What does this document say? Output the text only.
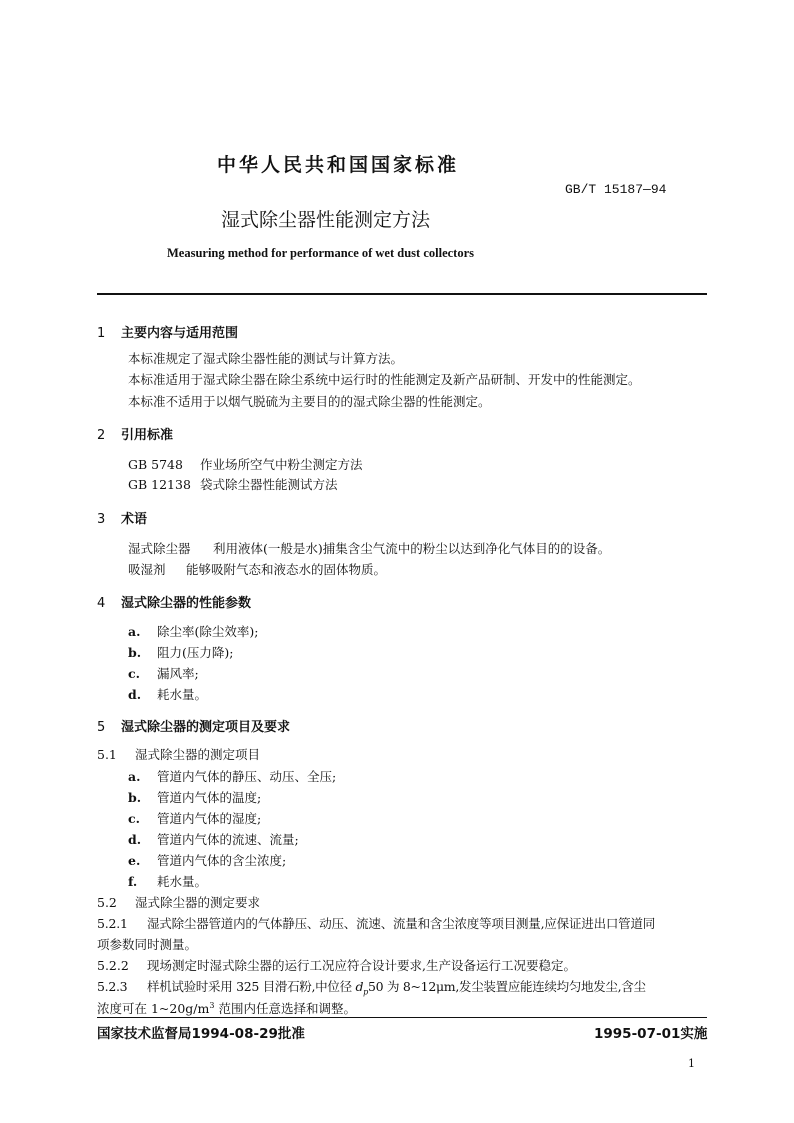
中华人民共和国国家标准
GB/T 15187—94
湿式除尘器性能测定方法
Measuring method for performance of wet dust collectors
1 主要内容与适用范围
本标准规定了湿式除尘器性能的测试与计算方法。
本标准适用于湿式除尘器在除尘系统中运行时的性能测定及新产品研制、开发中的性能测定。
本标准不适用于以烟气脱硫为主要目的的湿式除尘器的性能测定。
2 引用标准
GB 5748 作业场所空气中粉尘测定方法
GB 12138 袋式除尘器性能测试方法
3 术语
湿式除尘器 利用液体(一般是水)捕集含尘气流中的粉尘以达到净化气体目的的设备。
吸湿剂 能够吸附气态和液态水的固体物质。
4 湿式除尘器的性能参数
a. 除尘率(除尘效率);
b. 阻力(压力降);
c. 漏风率;
d. 耗水量。
5 湿式除尘器的测定项目及要求
5.1 湿式除尘器的测定项目
a. 管道内气体的静压、动压、全压;
b. 管道内气体的温度;
c. 管道内气体的湿度;
d. 管道内气体的流速、流量;
e. 管道内气体的含尘浓度;
f. 耗水量。
5.2 湿式除尘器的测定要求
5.2.1 湿式除尘器管道内的气体静压、动压、流速、流量和含尘浓度等项目测量,应保证进出口管道同
项参数同时测量。
5.2.2 现场测定时湿式除尘器的运行工况应符合设计要求,生产设备运行工况要稳定。
5.2.3 样机试验时采用 325 目滑石粉,中位径 $d_p50$ 为 8~12μm,发尘装置应能连续均匀地发尘,含尘
浓度可在 $1\sim 20g/m^3$ 范围内任意选择和调整。
国家技术监督局1994-08-29批准	1995-07-01实施
1
